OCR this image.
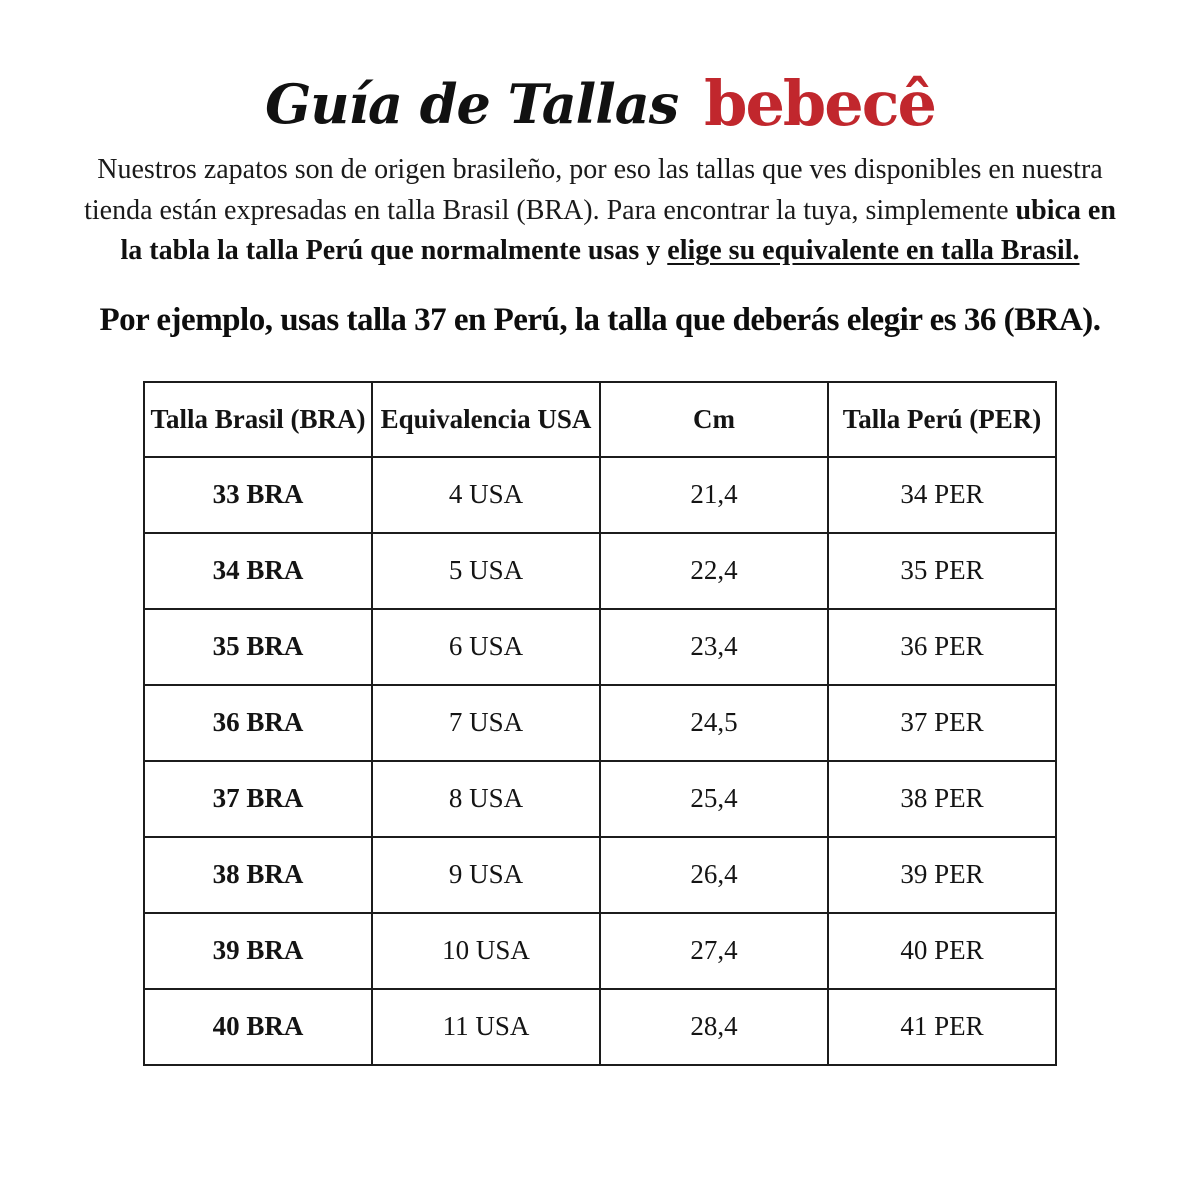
Guía de Tallas bebecê

Nuestros zapatos son de origen brasileño, por eso las tallas que ves disponibles en nuestra tienda están expresadas en talla Brasil (BRA). Para encontrar la tuya, simplemente ubica en la tabla la talla Perú que normalmente usas y elige su equivalente en talla Brasil.

Por ejemplo, usas talla 37 en Perú, la talla que deberás elegir es 36 (BRA).
Talla Brasil (BRA)	Equivalencia USA	Cm	Talla Perú (PER)
33 BRA	4 USA	21,4	34 PER
34 BRA	5 USA	22,4	35 PER
35 BRA	6 USA	23,4	36 PER
36 BRA	7 USA	24,5	37 PER
37 BRA	8 USA	25,4	38 PER
38 BRA	9 USA	26,4	39 PER
39 BRA	10 USA	27,4	40 PER
40 BRA	11 USA	28,4	41 PER
